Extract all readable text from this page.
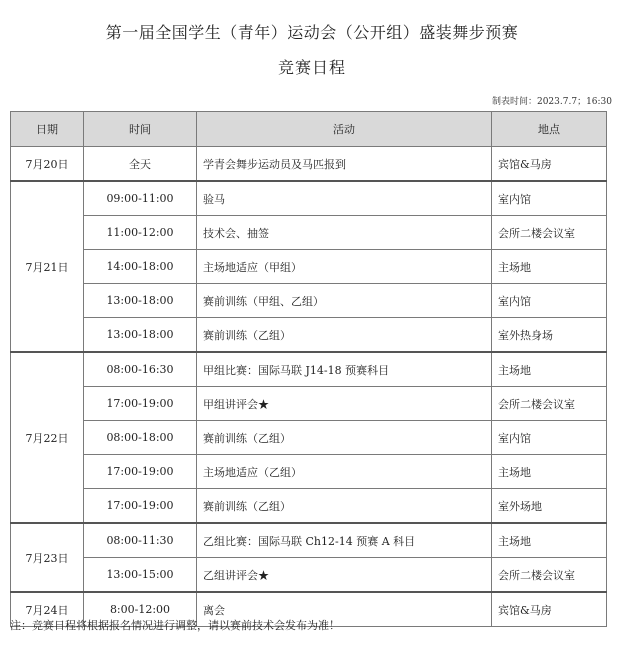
第一届全国学生（青年）运动会（公开组）盛装舞步预赛
竞赛日程
制表时间：2023.7.7；16:30
日期	时间	活动	地点
7月20日	全天	学青会舞步运动员及马匹报到	宾馆&马房
7月21日	09:00-11:00	验马	室内馆
	11:00-12:00	技术会、抽签	会所二楼会议室
	14:00-18:00	主场地适应（甲组）	主场地
	13:00-18:00	赛前训练（甲组、乙组）	室内馆
	13:00-18:00	赛前训练（乙组）	室外热身场
7月22日	08:00-16:30	甲组比赛：国际马联 J14-18 预赛科目	主场地
	17:00-19:00	甲组讲评会★	会所二楼会议室
	08:00-18:00	赛前训练（乙组）	室内馆
	17:00-19:00	主场地适应（乙组）	主场地
	17:00-19:00	赛前训练（乙组）	室外场地
7月23日	08:00-11:30	乙组比赛：国际马联 Ch12-14 预赛 A 科目	主场地
	13:00-15:00	乙组讲评会★	会所二楼会议室
7月24日	8:00-12:00	离会	宾馆&马房
注：竞赛日程将根据报名情况进行调整，请以赛前技术会发布为准！
